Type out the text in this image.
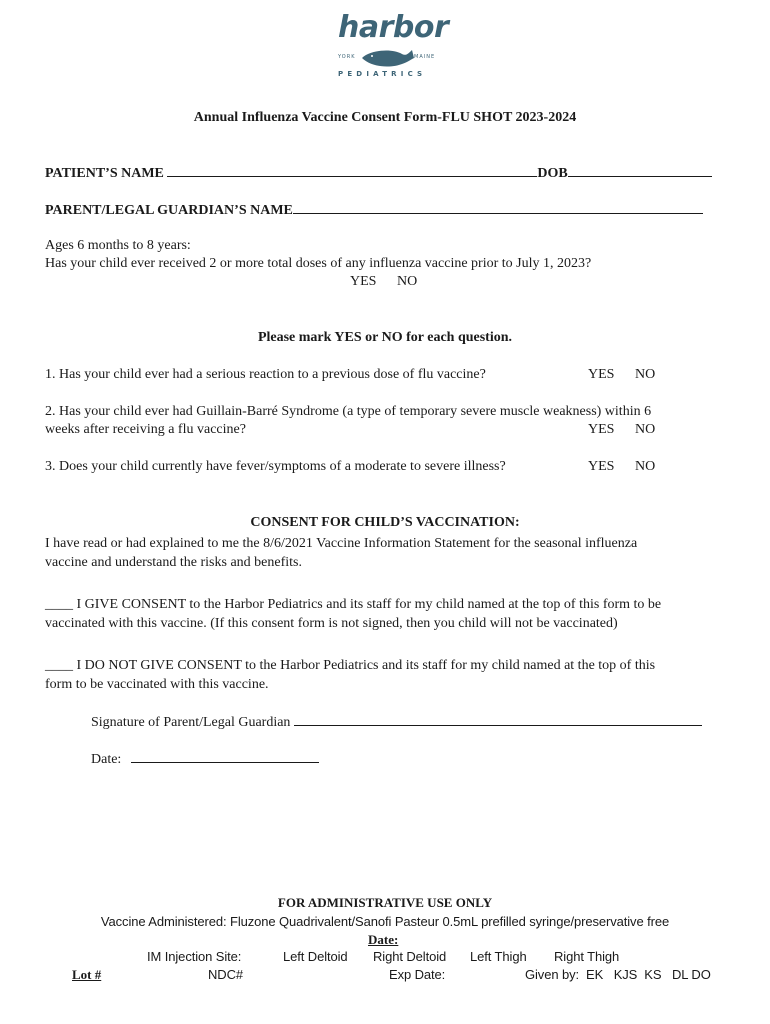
harbor
YORK	MAINE
PEDIATRICS
Annual Influenza Vaccine Consent Form-FLU SHOT 2023-2024
PATIENT’S NAME	DOB
PARENT/LEGAL GUARDIAN’S NAME
Ages 6 months to 8 years:
Has your child ever received 2 or more total doses of any influenza vaccine prior to July 1, 2023?
YES NO
Please mark YES or NO for each question.
1. Has your child ever had a serious reaction to a previous dose of flu vaccine?	YES NO
2. Has your child ever had Guillain-Barré Syndrome (a type of temporary severe muscle weakness) within 6
weeks after receiving a flu vaccine?	YES NO
3. Does your child currently have fever/symptoms of a moderate to severe illness?	YES NO
CONSENT FOR CHILD’S VACCINATION:
I have read or had explained to me the 8/6/2021 Vaccine Information Statement for the seasonal influenza
vaccine and understand the risks and benefits.
____ I GIVE CONSENT to the Harbor Pediatrics and its staff for my child named at the top of this form to be
vaccinated with this vaccine. (If this consent form is not signed, then you child will not be vaccinated)
____ I DO NOT GIVE CONSENT to the Harbor Pediatrics and its staff for my child named at the top of this
form to be vaccinated with this vaccine.
Signature of Parent/Legal Guardian
Date:
FOR ADMINISTRATIVE USE ONLY
Vaccine Administered: Fluzone Quadrivalent/Sanofi Pasteur 0.5mL prefilled syringe/preservative free
Date:
IM Injection Site:	Left Deltoid Right Deltoid Left Thigh Right Thigh
Lot #	NDC#	Exp Date:	Given by:  EK   KJS  KS   DL DO
